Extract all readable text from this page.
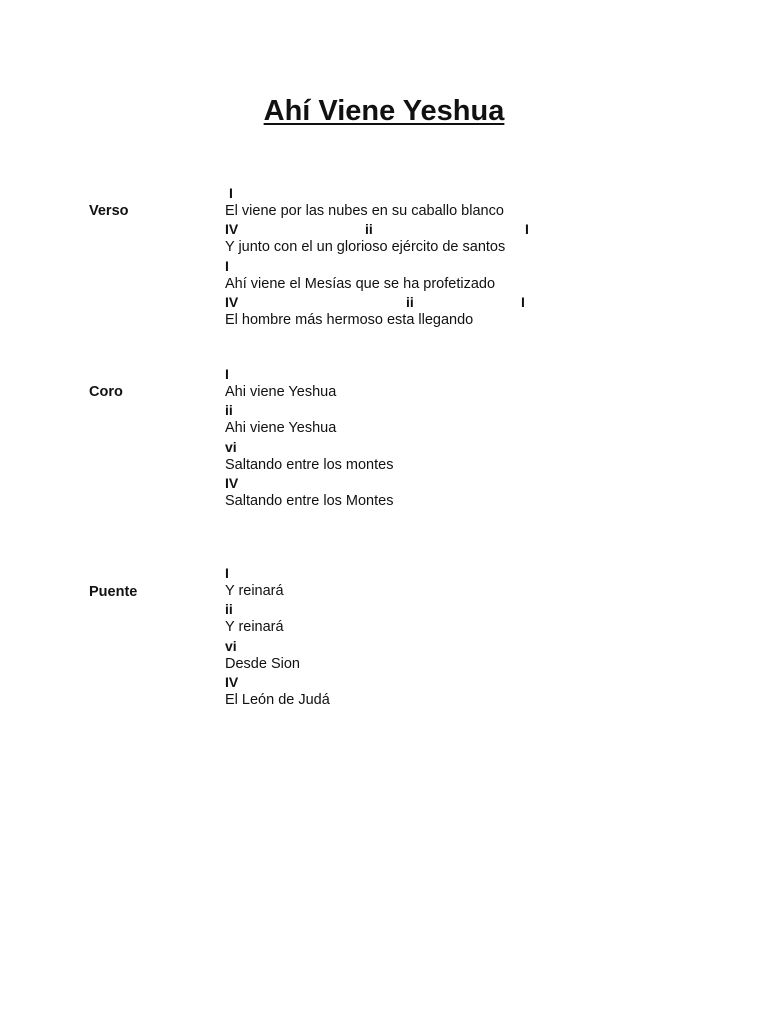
Ahí Viene Yeshua
Verso
I
El viene por las nubes en su caballo blanco
IV	ii	I
Y junto con el un glorioso ejército de santos
I
Ahí viene el Mesías que se ha profetizado
IV	ii	I
El hombre más hermoso esta llegando
Coro
I
Ahi viene Yeshua
ii
Ahi viene Yeshua
vi
Saltando entre los montes
IV
Saltando entre los Montes
Puente
I
Y reinará
ii
Y reinará
vi
Desde Sion
IV
El León de Judá
